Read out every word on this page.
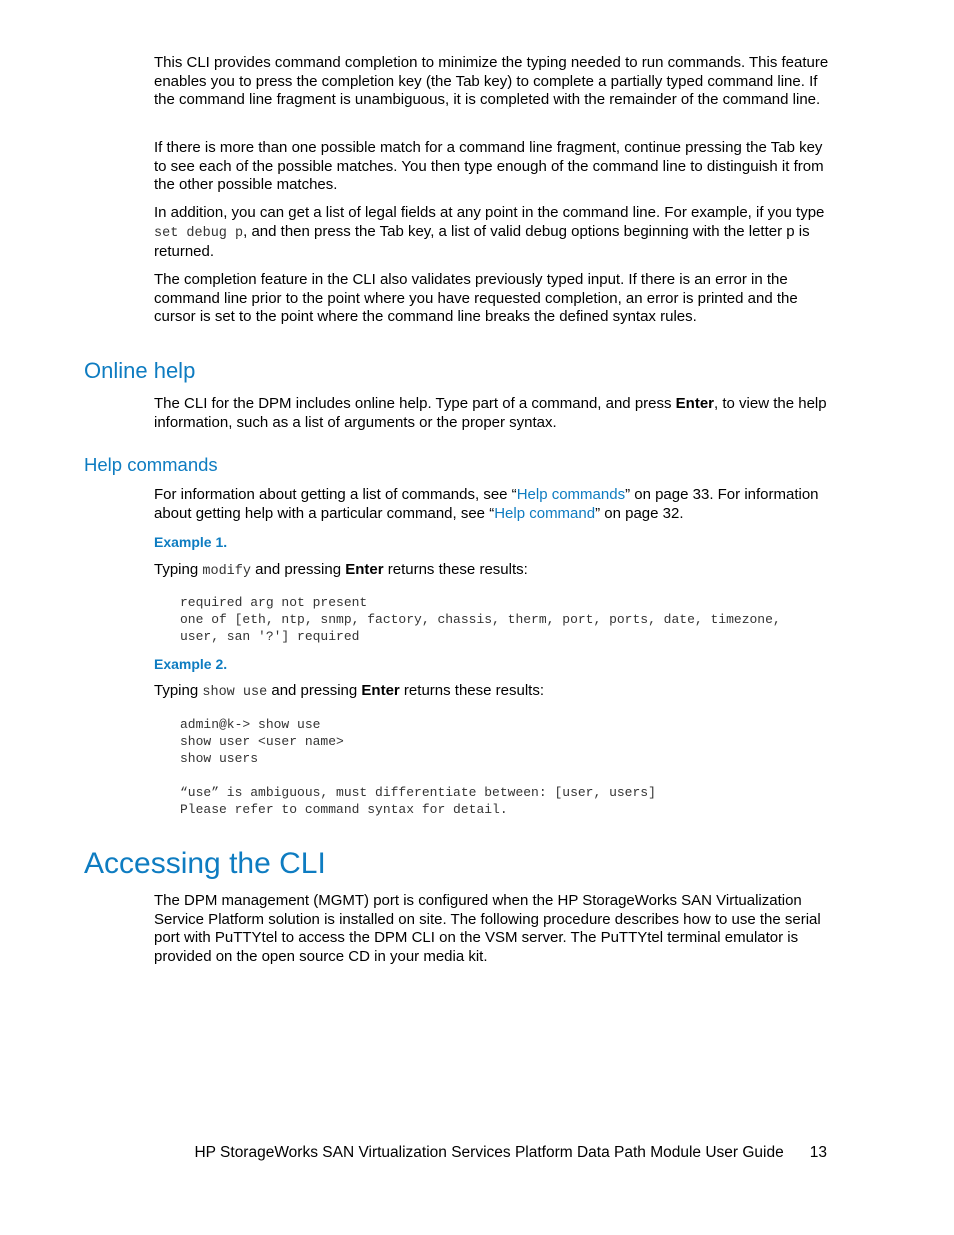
This CLI provides command completion to minimize the typing needed to run commands. This feature enables you to press the completion key (the Tab key) to complete a partially typed command line. If the command line fragment is unambiguous, it is completed with the remainder of the command line.

If there is more than one possible match for a command line fragment, continue pressing the Tab key to see each of the possible matches. You then type enough of the command line to distinguish it from the other possible matches.

In addition, you can get a list of legal fields at any point in the command line. For example, if you type set debug p, and then press the Tab key, a list of valid debug options beginning with the letter p is returned.

The completion feature in the CLI also validates previously typed input. If there is an error in the command line prior to the point where you have requested completion, an error is printed and the cursor is set to the point where the command line breaks the defined syntax rules.

Online help

The CLI for the DPM includes online help. Type part of a command, and press Enter, to view the help information, such as a list of arguments or the proper syntax.

Help commands

For information about getting a list of commands, see “Help commands” on page 33. For information about getting help with a particular command, see “Help command” on page 32.

Example 1.

Typing modify and pressing Enter returns these results:

required arg not present
one of [eth, ntp, snmp, factory, chassis, therm, port, ports, date, timezone,
user, san '?'] required

Example 2.

Typing show use and pressing Enter returns these results:

admin@k-> show use
show user <user name>
show users

“use” is ambiguous, must differentiate between: [user, users]
Please refer to command syntax for detail.
Accessing the CLI

The DPM management (MGMT) port is configured when the HP StorageWorks SAN Virtualization Service Platform solution is installed on site. The following procedure describes how to use the serial port with PuTTYtel to access the DPM CLI on the VSM server. The PuTTYtel terminal emulator is provided on the open source CD in your media kit.

HP StorageWorks SAN Virtualization Services Platform Data Path Module User Guide 13
